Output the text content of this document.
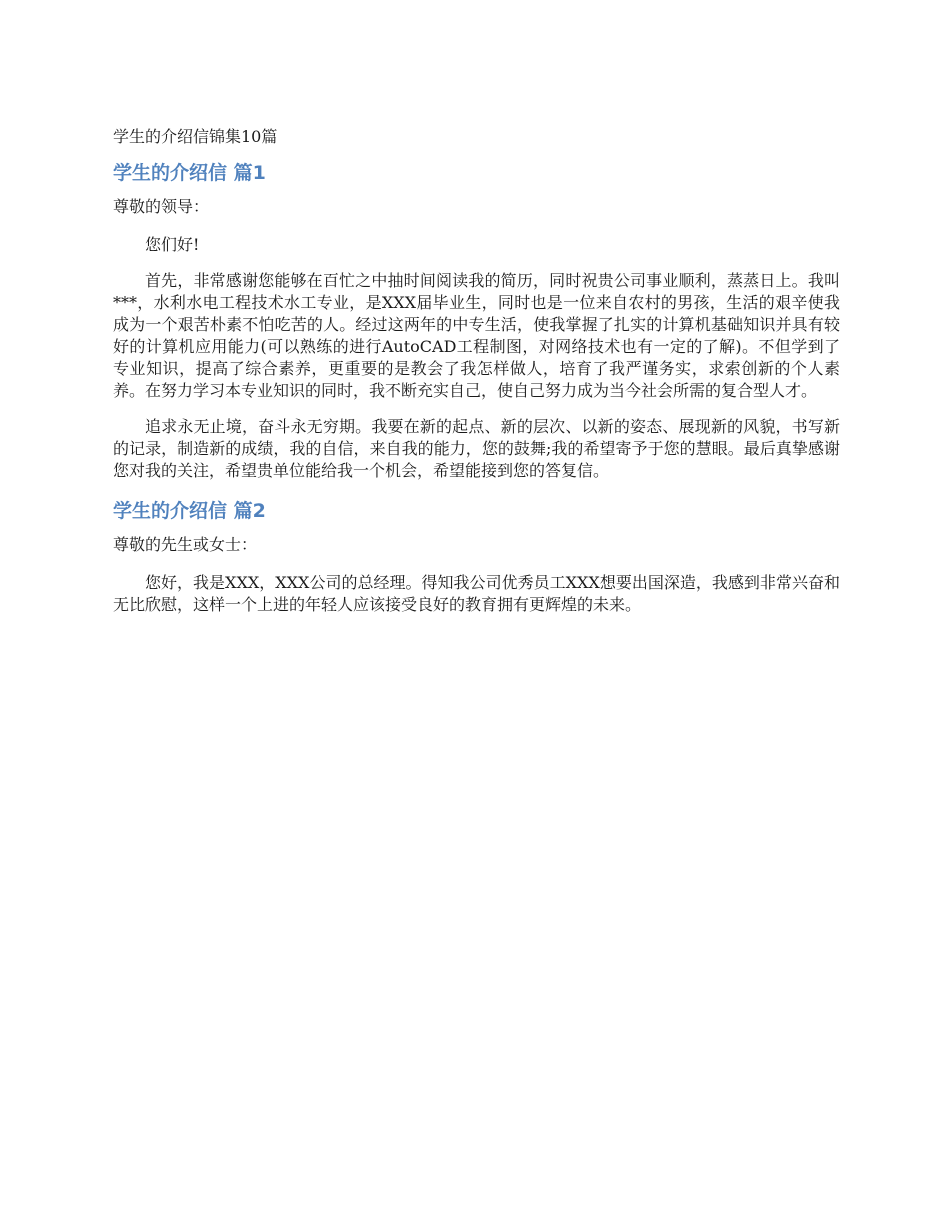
学生的介绍信锦集10篇
学生的介绍信 篇1

尊敬的领导：

您们好!

首先，非常感谢您能够在百忙之中抽时间阅读我的简历，同时祝贵公司事业顺利，蒸蒸日上。我叫***，水利水电工程技术水工专业，是XXX届毕业生，同时也是一位来自农村的男孩，生活的艰辛使我成为一个艰苦朴素不怕吃苦的人。经过这两年的中专生活，使我掌握了扎实的计算机基础知识并具有较好的计算机应用能力(可以熟练的进行AutoCAD工程制图，对网络技术也有一定的了解)。不但学到了专业知识，提高了综合素养，更重要的是教会了我怎样做人，培育了我严谨务实，求索创新的个人素养。在努力学习本专业知识的同时，我不断充实自己，使自己努力成为当今社会所需的复合型人才。

追求永无止境，奋斗永无穷期。我要在新的起点、新的层次、以新的姿态、展现新的风貌，书写新的记录，制造新的成绩，我的自信，来自我的能力，您的鼓舞;我的希望寄予于您的慧眼。最后真挚感谢您对我的关注，希望贵单位能给我一个机会，希望能接到您的答复信。

学生的介绍信 篇2

尊敬的先生或女士：

您好，我是XXX，XXX公司的总经理。得知我公司优秀员工XXX想要出国深造，我感到非常兴奋和无比欣慰，这样一个上进的年轻人应该接受良好的教育拥有更辉煌的未来。
